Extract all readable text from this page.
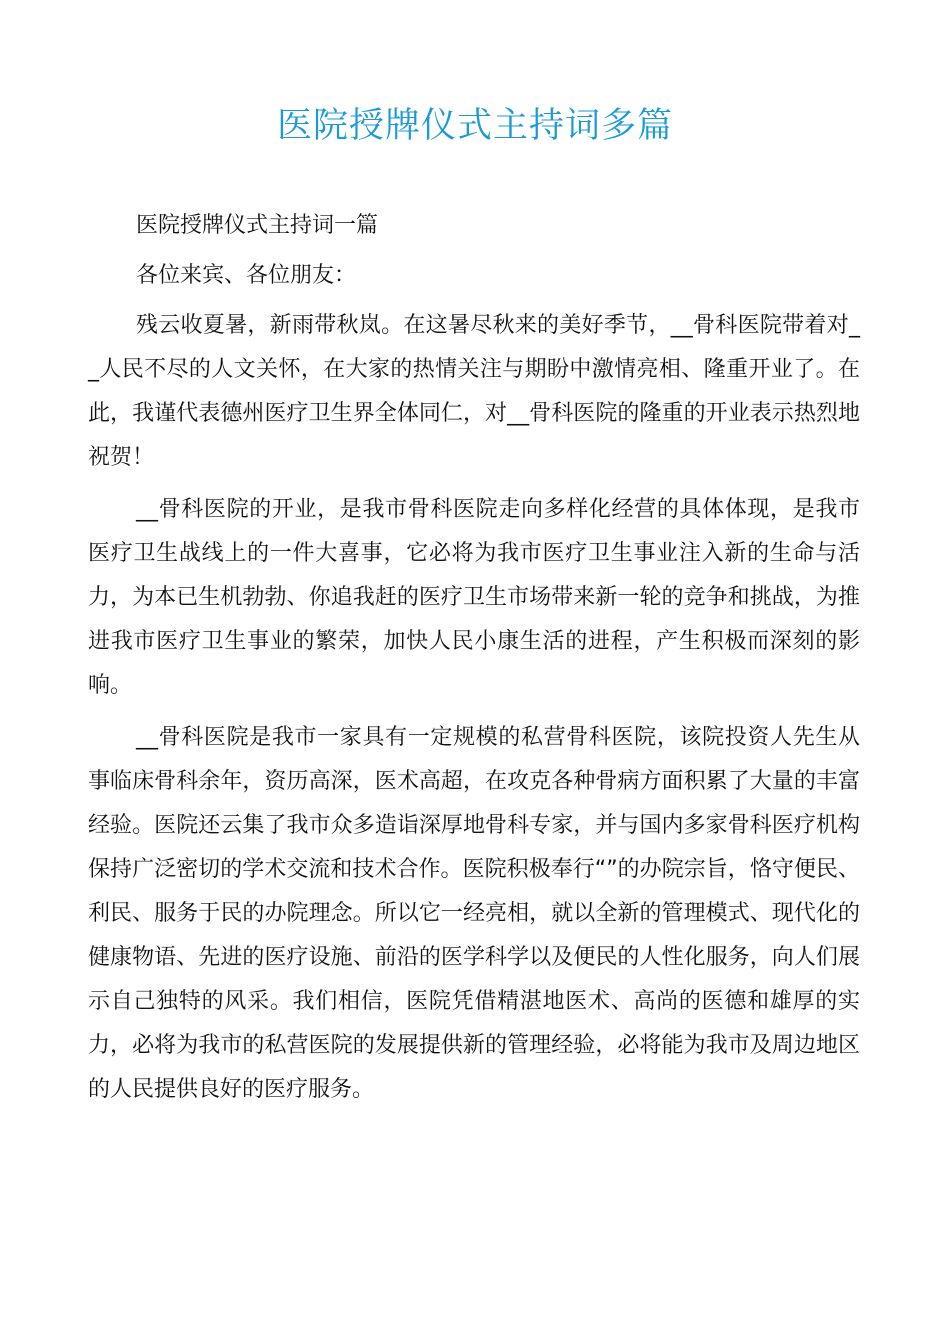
医院授牌仪式主持词多篇

医院授牌仪式主持词一篇

各位来宾、各位朋友：

残云收夏暑，新雨带秋岚。在这暑尽秋来的美好季节，__骨科医院带着对__人民不尽的人文关怀，在大家的热情关注与期盼中激情亮相、隆重开业了。在此，我谨代表德州医疗卫生界全体同仁，对__骨科医院的隆重的开业表示热烈地祝贺！

__骨科医院的开业，是我市骨科医院走向多样化经营的具体体现，是我市医疗卫生战线上的一件大喜事，它必将为我市医疗卫生事业注入新的生命与活力，为本已生机勃勃、你追我赶的医疗卫生市场带来新一轮的竞争和挑战，为推进我市医疗卫生事业的繁荣，加快人民小康生活的进程，产生积极而深刻的影响。

__骨科医院是我市一家具有一定规模的私营骨科医院，该院投资人先生从事临床骨科余年，资历高深，医术高超，在攻克各种骨病方面积累了大量的丰富经验。医院还云集了我市众多造诣深厚地骨科专家，并与国内多家骨科医疗机构保持广泛密切的学术交流和技术合作。医院积极奉行“”的办院宗旨，恪守便民、利民、服务于民的办院理念。所以它一经亮相，就以全新的管理模式、现代化的健康物语、先进的医疗设施、前沿的医学科学以及便民的人性化服务，向人们展示自己独特的风采。我们相信，医院凭借精湛地医术、高尚的医德和雄厚的实力，必将为我市的私营医院的发展提供新的管理经验，必将能为我市及周边地区的人民提供良好的医疗服务。
